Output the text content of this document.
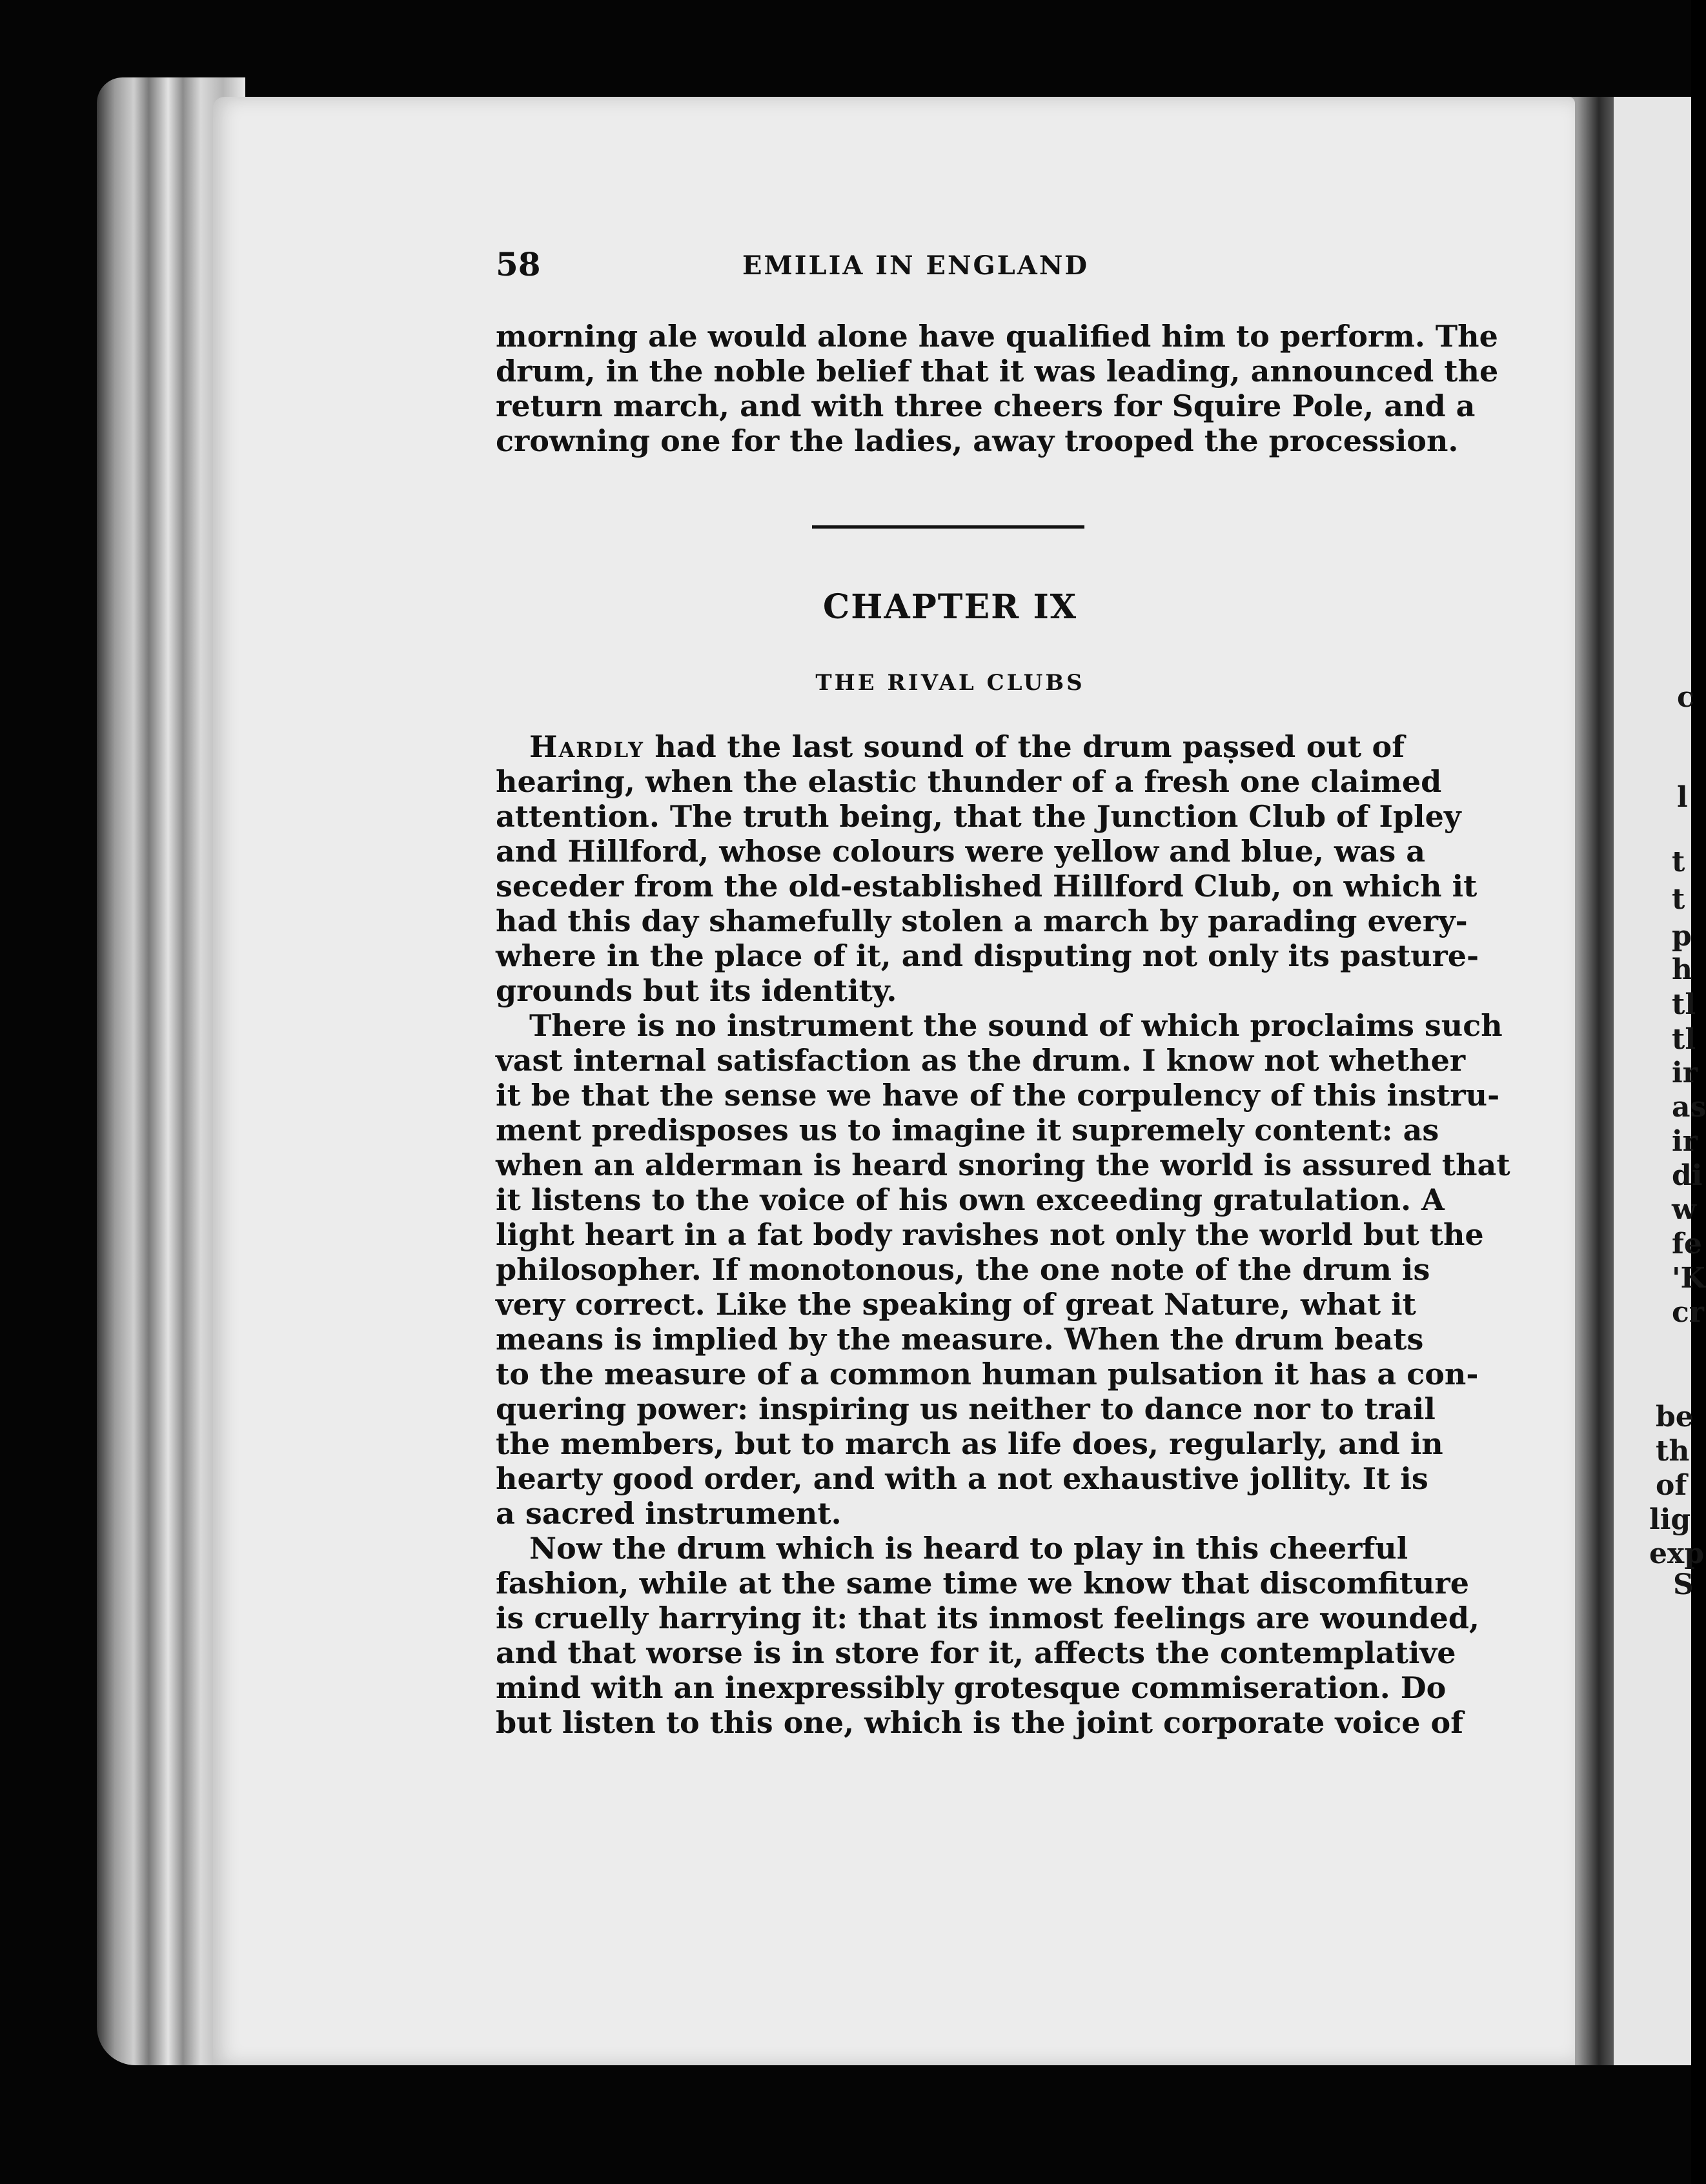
c
l
t
t
p
h
tl
tl
ir
as
ir
di
w
fe
'K
cr
be
th
of
lig
exp
S
58	EMILIA IN ENGLAND
morning ale would alone have qualified him to perform. The
drum, in the noble belief that it was leading, announced the
return march, and with three cheers for Squire Pole, and a
crowning one for the ladies, away trooped the procession.
CHAPTER IX
THE RIVAL CLUBS
Hardly had the last sound of the drum paṣsed out of
hearing, when the elastic thunder of a fresh one claimed
attention. The truth being, that the Junction Club of Ipley
and Hillford, whose colours were yellow and blue, was a
seceder from the old-established Hillford Club, on which it
had this day shamefully stolen a march by parading every-
where in the place of it, and disputing not only its pasture-
grounds but its identity.
There is no instrument the sound of which proclaims such
vast internal satisfaction as the drum. I know not whether
it be that the sense we have of the corpulency of this instru-
ment predisposes us to imagine it supremely content: as
when an alderman is heard snoring the world is assured that
it listens to the voice of his own exceeding gratulation. A
light heart in a fat body ravishes not only the world but the
philosopher. If monotonous, the one note of the drum is
very correct. Like the speaking of great Nature, what it
means is implied by the measure. When the drum beats
to the measure of a common human pulsation it has a con-
quering power: inspiring us neither to dance nor to trail
the members, but to march as life does, regularly, and in
hearty good order, and with a not exhaustive jollity. It is
a sacred instrument.
Now the drum which is heard to play in this cheerful
fashion, while at the same time we know that discomfiture
is cruelly harrying it: that its inmost feelings are wounded,
and that worse is in store for it, affects the contemplative
mind with an inexpressibly grotesque commiseration. Do
but listen to this one, which is the joint corporate voice of
